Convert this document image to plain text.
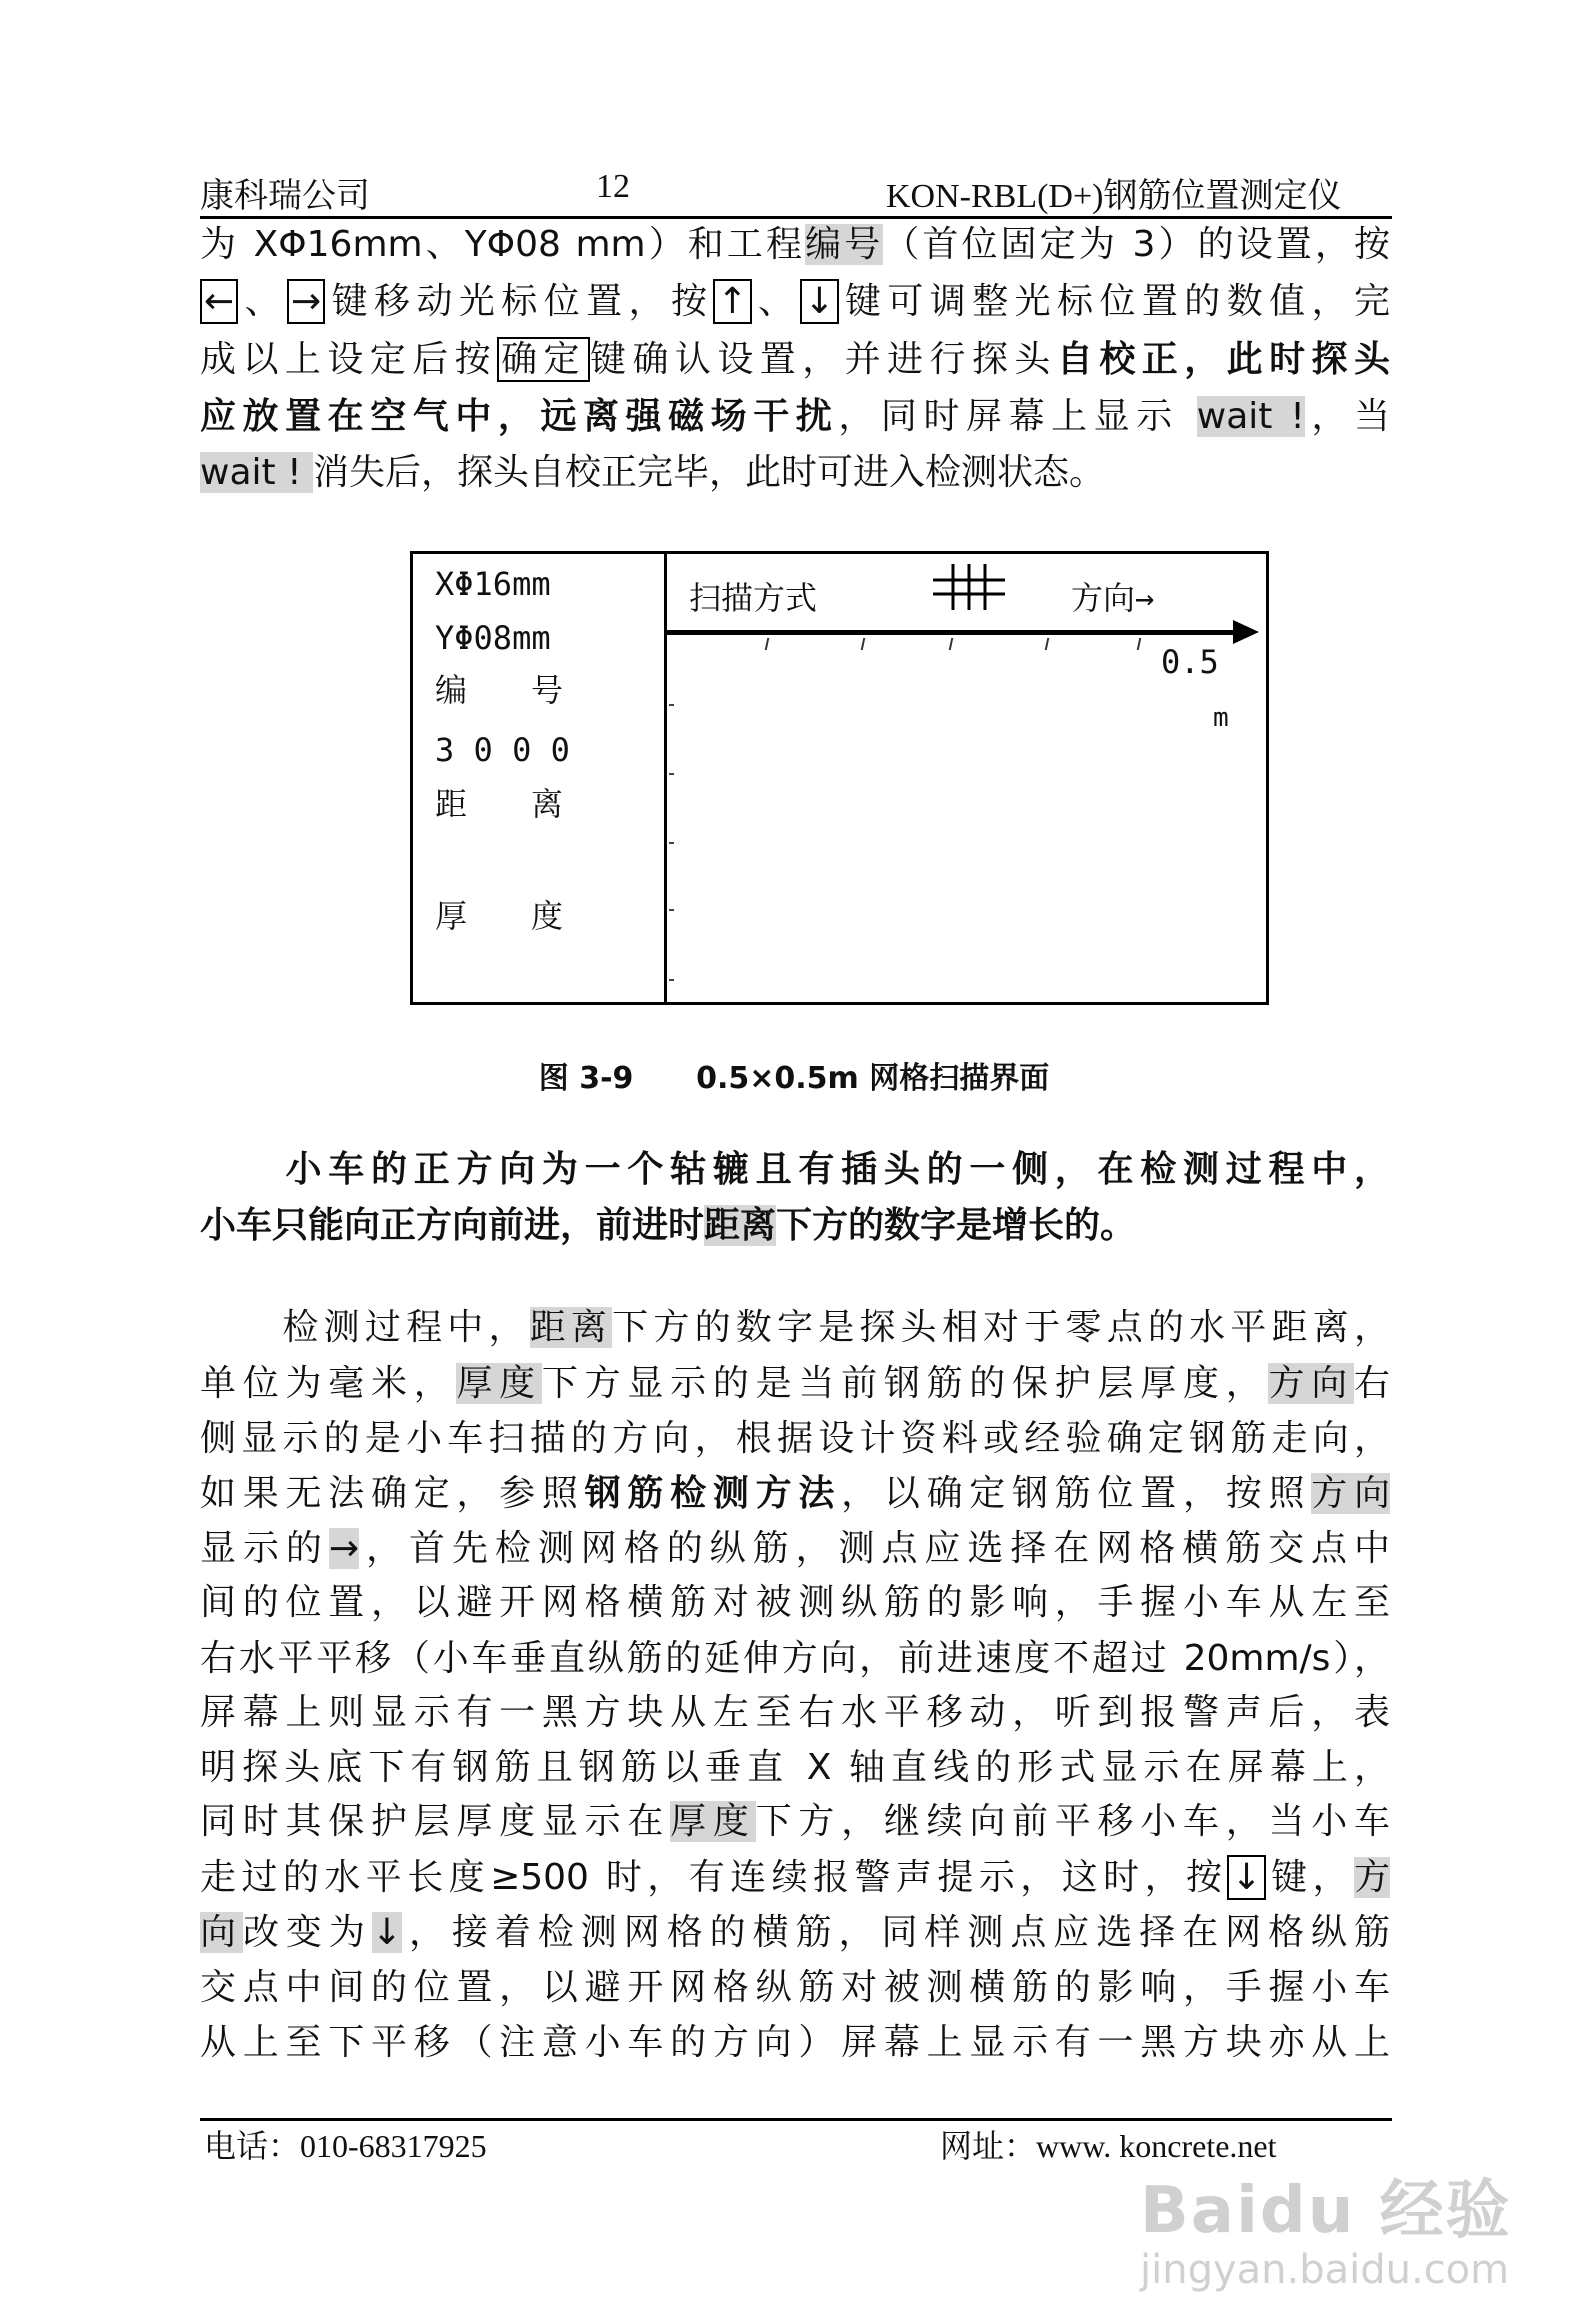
康科瑞公司	12	KON-RBL(D+)钢筋位置测定仪
为 XΦ16mm、YΦ08 mm）和工程编号（首位固定为 3）的设置，按
← 、 → 键移动光标位置，按 ↑ 、 ↓ 键可调整光标位置的数值，完
成以上设定后按 确定 键确认设置，并进行探头自校正，此时探头
应放置在空气中，远离强磁场干扰，同时屏幕上显示 wait !，当
wait ! 消失后，探头自校正完毕，此时可进入检测状态。
XΦ16mm
YΦ08mm
编　　号
3 0 0 0
距　　离
厚　　度
扫描方式	方向→
0.5
m
图 3-9      0.5×0.5m 网格扫描界面
　　小车的正方向为一个轱辘且有插头的一侧，在检测过程中，
小车只能向正方向前进，前进时距离下方的数字是增长的。
　　检测过程中，距离下方的数字是探头相对于零点的水平距离，
单位为毫米，厚度下方显示的是当前钢筋的保护层厚度，方向右
侧显示的是小车扫描的方向，根据设计资料或经验确定钢筋走向，
如果无法确定，参照钢筋检测方法，以确定钢筋位置，按照方向
显示的→，首先检测网格的纵筋，测点应选择在网格横筋交点中
间的位置，以避开网格横筋对被测纵筋的影响，手握小车从左至
右水平平移（小车垂直纵筋的延伸方向，前进速度不超过 20mm/s），
屏幕上则显示有一黑方块从左至右水平移动，听到报警声后，表
明探头底下有钢筋且钢筋以垂直 X 轴直线的形式显示在屏幕上，
同时其保护层厚度显示在厚度下方，继续向前平移小车，当小车
走过的水平长度≥500 时，有连续报警声提示，这时，按 ↓ 键，方
向改变为↓，接着检测网格的横筋，同样测点应选择在网格纵筋
交点中间的位置，以避开网格纵筋对被测横筋的影响，手握小车
从上至下平移（注意小车的方向）屏幕上显示有一黑方块亦从上
电话：010-68317925	网址：www. koncrete.net
Baidu 经验
jingyan.baidu.com
